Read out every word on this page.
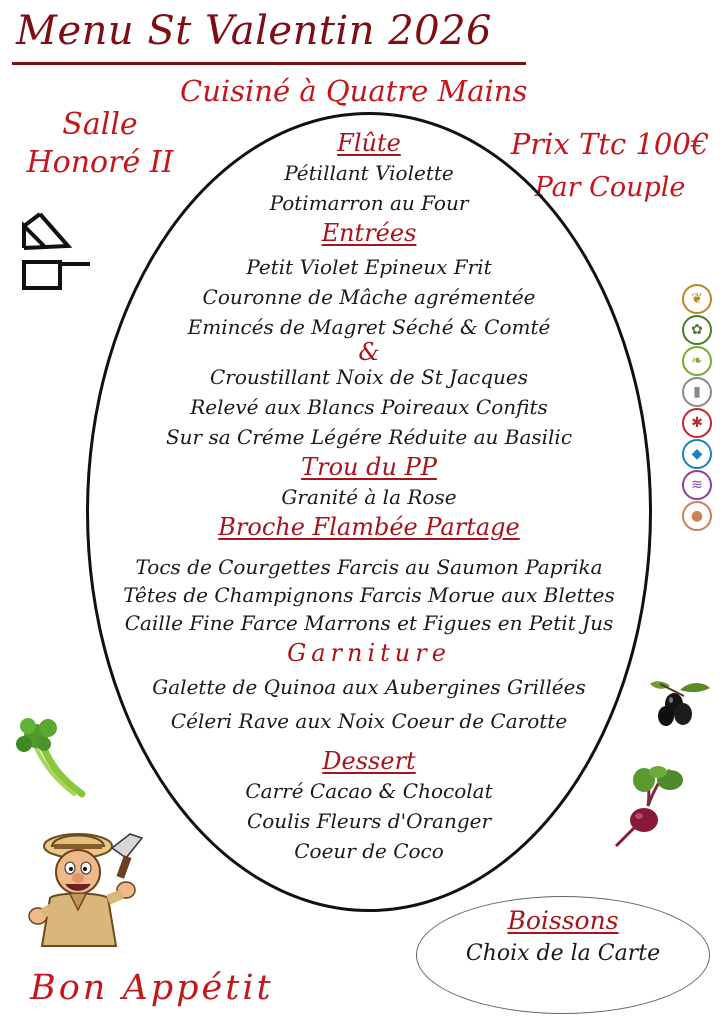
Menu St Valentin 2026
Cuisiné à Quatre Mains
Salle
Honoré II
Prix Ttc 100€
Par Couple
Flûte
Pétillant Violette
Potimarron au Four
Entrées
Petit Violet Epineux Frit
Couronne de Mâche agrémentée
Emincés de Magret Séché & Comté
&
Croustillant Noix de St Jacques
Relevé aux Blancs Poireaux Confits
Sur sa Créme Légére Réduite au Basilic
Trou du PP
Granité à la Rose
Broche Flambée Partage
Tocs de Courgettes Farcis au Saumon Paprika
Têtes de Champignons Farcis Morue aux Blettes
Caille Fine Farce Marrons et Figues en Petit Jus
Garniture
Galette de Quinoa aux Aubergines Grillées
Céleri Rave aux Noix Coeur de Carotte
Dessert
Carré Cacao & Chocolat
Coulis Fleurs d'Oranger
Coeur de Coco
❦
✿
❧
▮
✱
◆
≋
●
Boissons
Choix de la Carte
Bon Appétit
